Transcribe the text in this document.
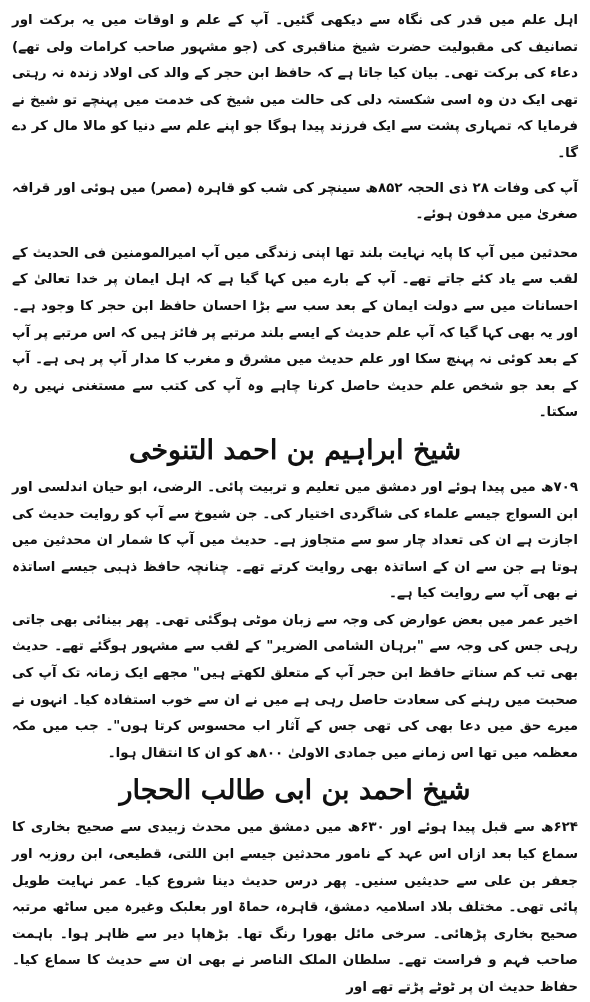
اہل علم میں قدر کی نگاہ سے دیکھی گئیں۔ آپ کے علم و اوقات میں یہ برکت اور تصانیف کی مقبولیت حضرت شیخ مناقبری کی (جو مشہور صاحب کرامات ولی تھے) دعاء کی برکت تھی۔ بیان کیا جاتا ہے کہ حافظ ابن حجر کے والد کی اولاد زندہ نہ رہتی تھی ایک دن وہ اسی شکستہ دلی کی حالت میں شیخ کی خدمت میں پہنچے تو شیخ نے فرمایا کہ تمہاری پشت سے ایک فرزند پیدا ہوگا جو اپنے علم سے دنیا کو مالا مال کر دے گا۔

آپ کی وفات ۲۸ ذی الحجہ ۸۵۲ھ سینچر کی شب کو قاہرہ (مصر) میں ہوئی اور قرافہ صغریٰ میں مدفون ہوئے۔

محدثین میں آپ کا پایہ نہایت بلند تھا اپنی زندگی میں آپ امیرالمومنین فی الحدیث کے لقب سے یاد کئے جاتے تھے۔ آپ کے بارے میں کہا گیا ہے کہ اہل ایمان پر خدا تعالیٰ کے احسانات میں سے دولت ایمان کے بعد سب سے بڑا احسان حافظ ابن حجر کا وجود ہے۔ اور یہ بھی کہا گیا کہ آپ علم حدیث کے ایسے بلند مرتبے پر فائز ہیں کہ اس مرتبے پر آپ کے بعد کوئی نہ پہنچ سکا اور علم حدیث میں مشرق و مغرب کا مدار آپ پر ہی ہے۔ آپ کے بعد جو شخص علم حدیث حاصل کرنا چاہے وہ آپ کی کتب سے مستغنی نہیں رہ سکتا۔

شیخ ابراہیم بن احمد التنوخی

۷۰۹ھ میں پیدا ہوئے اور دمشق میں تعلیم و تربیت پائی۔ الرضی، ابو حیان اندلسی اور ابن السواج جیسے علماء کی شاگردی اختیار کی۔ جن شیوخ سے آپ کو روایت حدیث کی اجازت ہے ان کی تعداد چار سو سے متجاوز ہے۔ حدیث میں آپ کا شمار ان محدثین میں ہوتا ہے جن سے ان کے اساتذہ بھی روایت کرتے تھے۔ چنانچہ حافظ ذہبی جیسے اساتذہ نے بھی آپ سے روایت کیا ہے۔

اخیر عمر میں بعض عوارض کی وجہ سے زبان موٹی ہوگئی تھی۔ پھر بینائی بھی جاتی رہی جس کی وجہ سے "برہان الشامی الضریر" کے لقب سے مشہور ہوگئے تھے۔ حدیث بھی تب کم سناتے حافظ ابن حجر آپ کے متعلق لکھتے ہیں" مجھے ایک زمانہ تک آپ کی صحبت میں رہنے کی سعادت حاصل رہی ہے میں نے ان سے خوب استفادہ کیا۔ انہوں نے میرے حق میں دعا بھی کی تھی جس کے آثار اب محسوس کرتا ہوں"۔ جب میں مکہ معظمہ میں تھا اس زمانے میں جمادی الاولیٰ ۸۰۰ھ کو ان کا انتقال ہوا۔

شیخ احمد بن ابی طالب الحجار

۶۲۴ھ سے قبل پیدا ہوئے اور ۶۳۰ھ میں دمشق میں محدث زبیدی سے صحیح بخاری کا سماع کیا بعد ازاں اس عہد کے نامور محدثین جیسے ابن اللتی، قطیعی، ابن روزبہ اور جعفر بن علی سے حدیثیں سنیں۔ پھر درس حدیث دینا شروع کیا۔ عمر نہایت طویل پائی تھی۔ مختلف بلاد اسلامیہ دمشق، قاہرہ، حماۃ اور بعلبک وغیرہ میں ساٹھ مرتبہ صحیح بخاری پڑھائی۔ سرخی مائل بھورا رنگ تھا۔ بڑھاپا دیر سے ظاہر ہوا۔ باہمت صاحب فہم و فراست تھے۔ سلطان الملک الناصر نے بھی ان سے حدیث کا سماع کیا۔ حفاظ حدیث ان پر ٹوٹے پڑتے تھے اور
